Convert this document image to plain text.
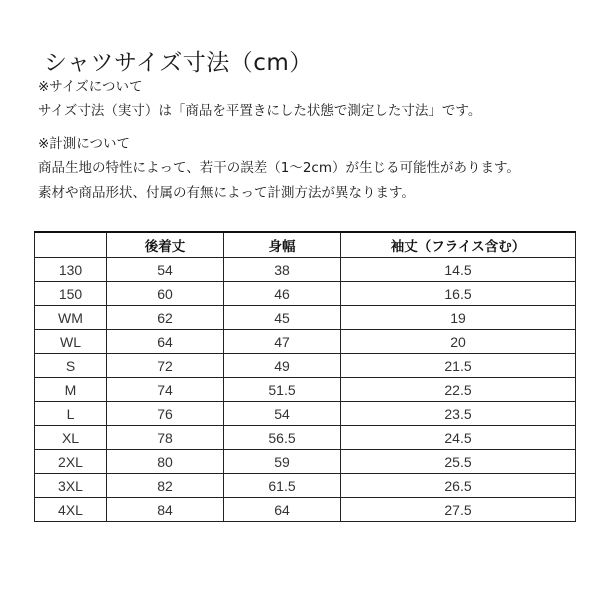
シャツサイズ寸法（cm）
※サイズについて
サイズ寸法（実寸）は「商品を平置きにした状態で測定した寸法」です。
※計測について
商品生地の特性によって、若干の誤差（1〜2cm）が生じる可能性があります。
素材や商品形状、付属の有無によって計測方法が異なります。
	後着丈	身幅	袖丈（フライス含む）
130	54	38	14.5
150	60	46	16.5
WM	62	45	19
WL	64	47	20
S	72	49	21.5
M	74	51.5	22.5
L	76	54	23.5
XL	78	56.5	24.5
2XL	80	59	25.5
3XL	82	61.5	26.5
4XL	84	64	27.5
